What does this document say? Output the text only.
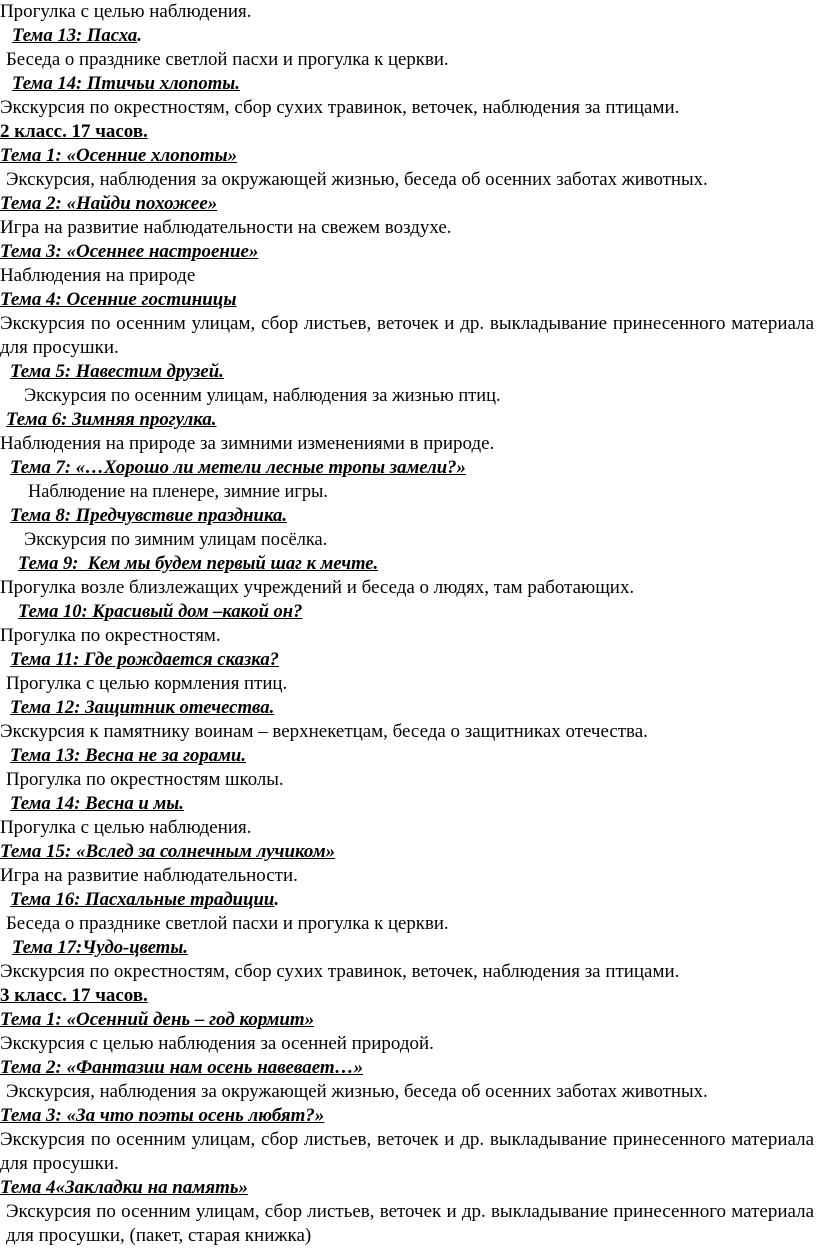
Прогулка с целью наблюдения.
Тема 13: Пасха.
Беседа о празднике светлой пасхи и прогулка к церкви.
Тема 14: Птичьи хлопоты.
Экскурсия по окрестностям, сбор сухих травинок, веточек, наблюдения за птицами.
2 класс. 17 часов.
Тема 1: «Осенние хлопоты»
Экскурсия, наблюдения за окружающей жизнью, беседа об осенних заботах животных.
Тема 2: «Найди похожее»
Игра на развитие наблюдательности на свежем воздухе.
Тема 3: «Осеннее настроение»
Наблюдения на природе
Тема 4: Осенние гостиницы
Экскурсия по осенним улицам, сбор листьев, веточек и др. выкладывание принесенного материала для просушки.
Тема 5: Навестим друзей.
Экскурсия по осенним улицам, наблюдения за жизнью птиц.
Тема 6: Зимняя прогулка.
Наблюдения на природе за зимними изменениями в природе.
Тема 7: «…Хорошо ли метели лесные тропы замели?»
Наблюдение на пленере, зимние игры.
Тема 8: Предчувствие праздника.
Экскурсия по зимним улицам посёлка.
Тема 9:  Кем мы будем первый шаг к мечте.
Прогулка возле близлежащих учреждений и беседа о людях, там работающих.
Тема 10: Красивый дом –какой он?
Прогулка по окрестностям.
Тема 11: Где рождается сказка?
Прогулка с целью кормления птиц.
Тема 12: Защитник отечества.
Экскурсия к памятнику воинам – верхнекетцам, беседа о защитниках отечества.
Тема 13: Весна не за горами.
Прогулка по окрестностям школы.
Тема 14: Весна и мы.
Прогулка с целью наблюдения.
Тема 15: «Вслед за солнечным лучиком»
Игра на развитие наблюдательности.
Тема 16: Пасхальные традиции.
Беседа о празднике светлой пасхи и прогулка к церкви.
Тема 17:Чудо-цветы.
Экскурсия по окрестностям, сбор сухих травинок, веточек, наблюдения за птицами.
3 класс. 17 часов.
Тема 1: «Осенний день – год кормит»
Экскурсия с целью наблюдения за осенней природой.
Тема 2: «Фантазии нам осень навевает…»
Экскурсия, наблюдения за окружающей жизнью, беседа об осенних заботах животных.
Тема 3: «За что поэты осень любят?»
Экскурсия по осенним улицам, сбор листьев, веточек и др. выкладывание принесенного материала для просушки.
Тема 4«Закладки на память»
Экскурсия по осенним улицам, сбор листьев, веточек и др. выкладывание принесенного материала для просушки, (пакет, старая книжка)
